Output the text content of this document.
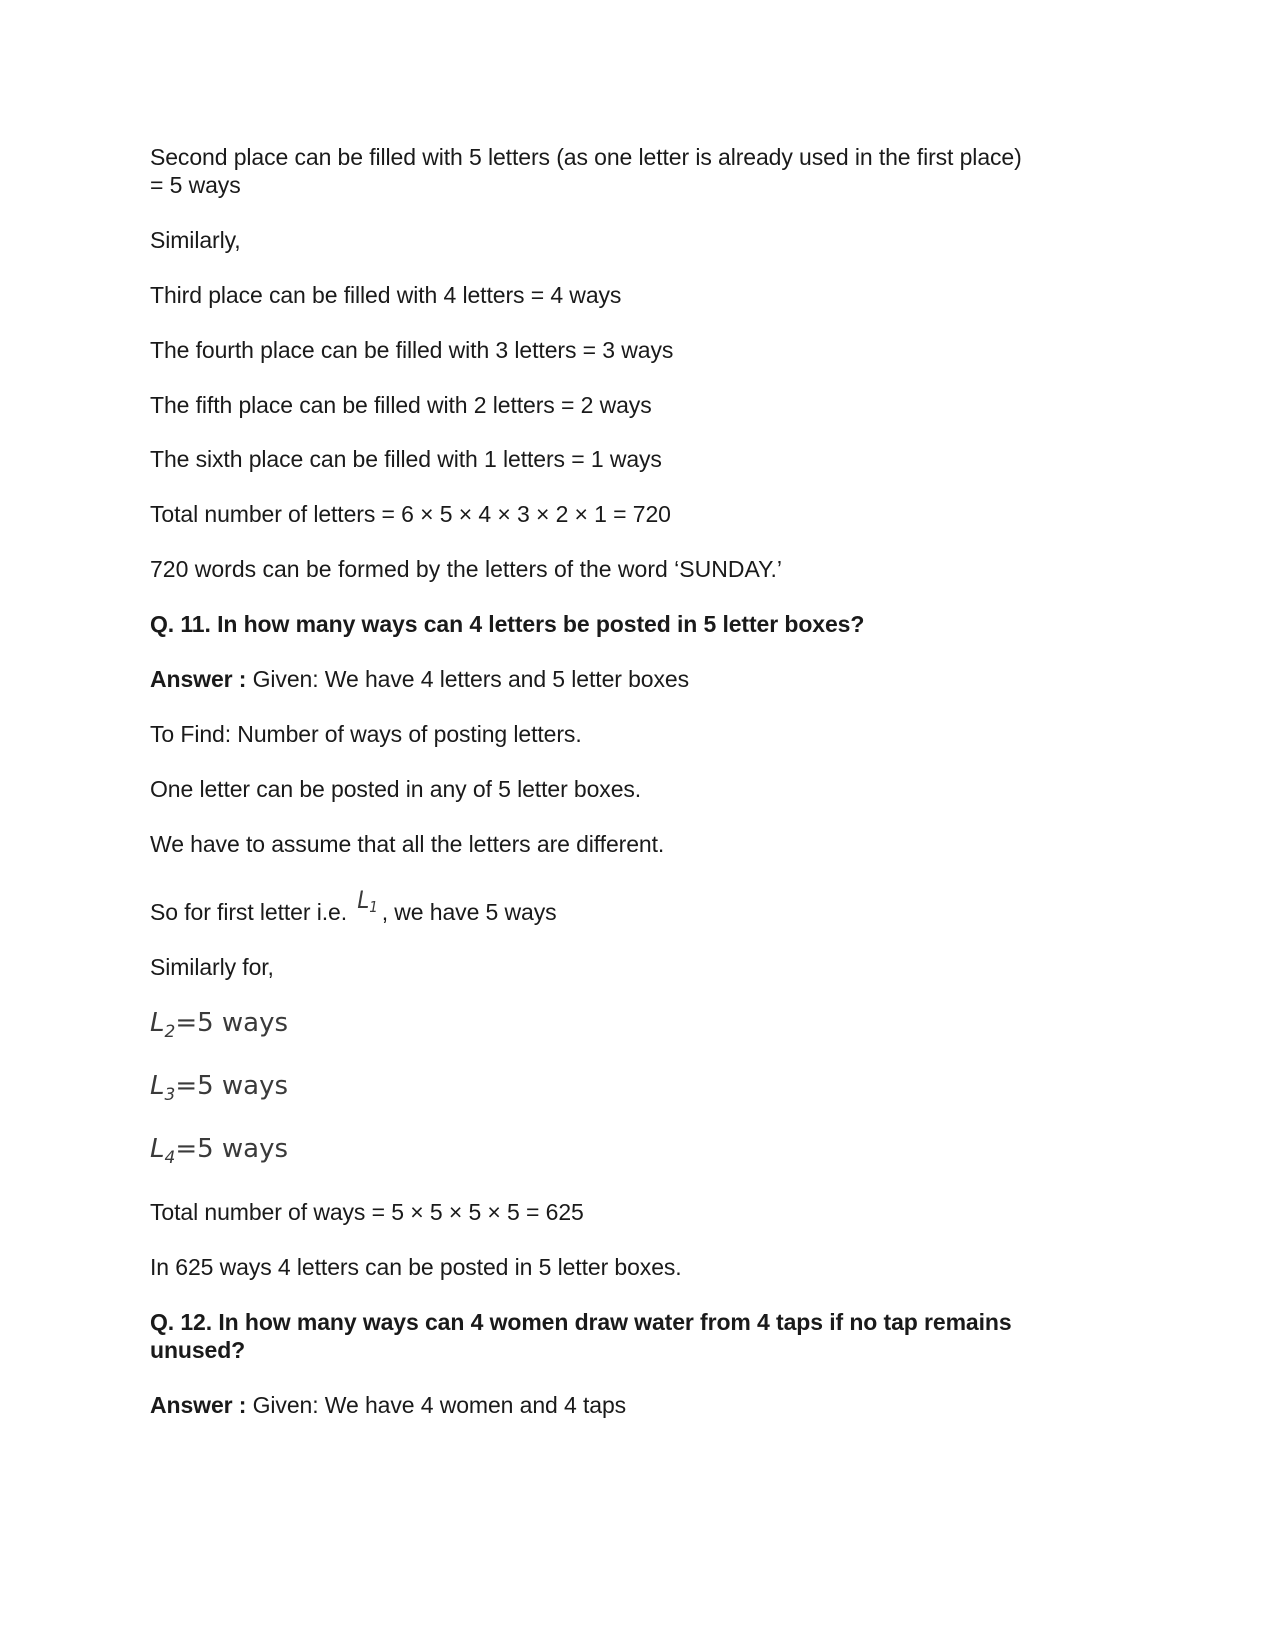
Second place can be filled with 5 letters (as one letter is already used in the first place)
= 5 ways
Similarly,
Third place can be filled with 4 letters = 4 ways
The fourth place can be filled with 3 letters = 3 ways
The fifth place can be filled with 2 letters = 2 ways
The sixth place can be filled with 1 letters = 1 ways
Total number of letters = 6 × 5 × 4 × 3 × 2 × 1 = 720
720 words can be formed by the letters of the word ‘SUNDAY.’
Q. 11. In how many ways can 4 letters be posted in 5 letter boxes?
Answer : Given: We have 4 letters and 5 letter boxes
To Find: Number of ways of posting letters.
One letter can be posted in any of 5 letter boxes.
We have to assume that all the letters are different.
So for first letter i.e. $L_1$ , we have 5 ways
Similarly for,
$L_2=5$ ways
$L_3=5$ ways
$L_4=5$ ways
Total number of ways = 5 × 5 × 5 × 5 = 625
In 625 ways 4 letters can be posted in 5 letter boxes.
Q. 12. In how many ways can 4 women draw water from 4 taps if no tap remains
unused?
Answer : Given: We have 4 women and 4 taps
